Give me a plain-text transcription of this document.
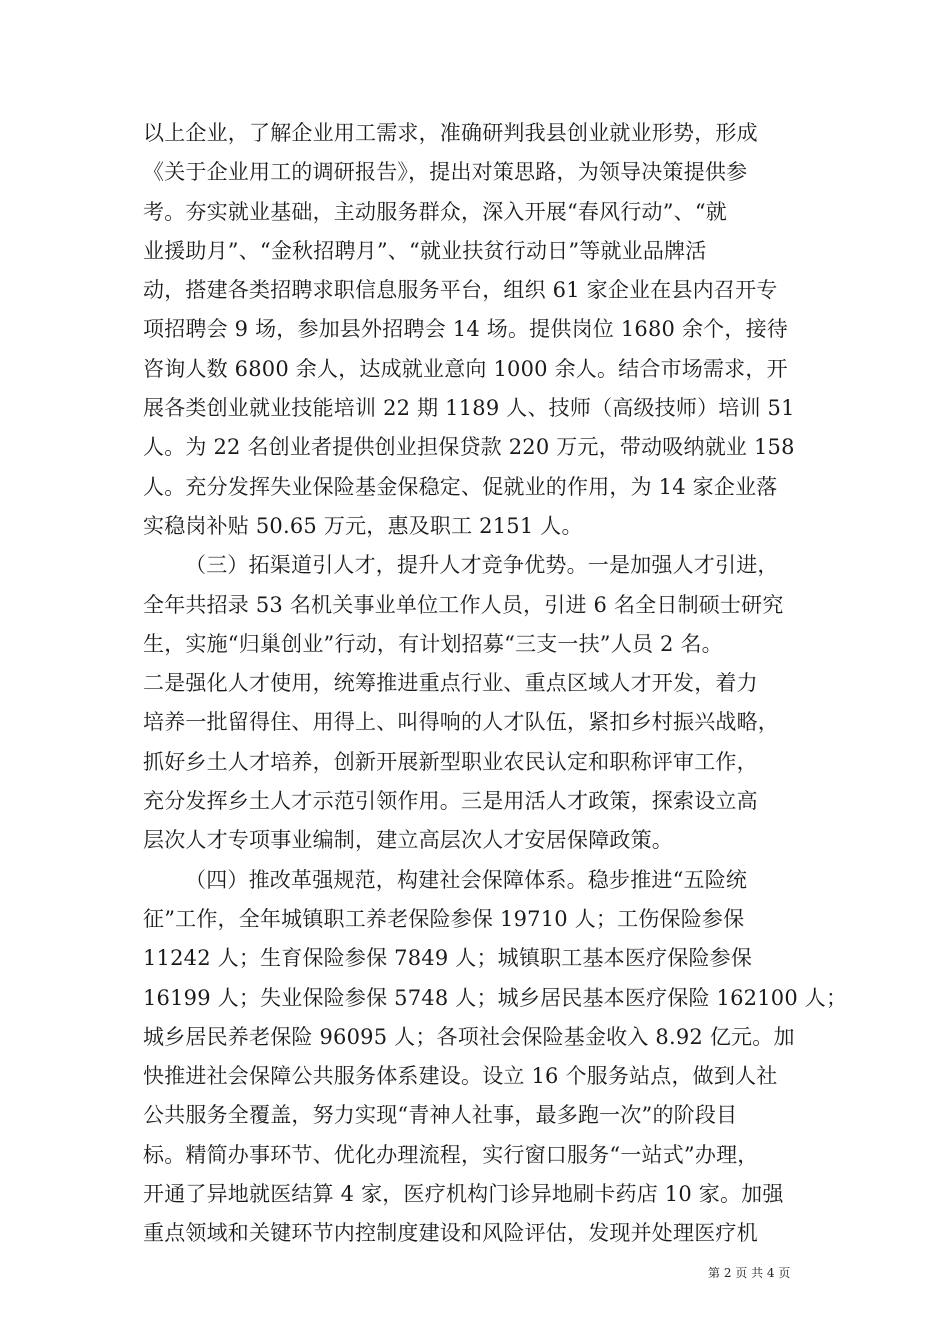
以上企业，了解企业用工需求，准确研判我县创业就业形势，形成
《关于企业用工的调研报告》，提出对策思路，为领导决策提供参
考。夯实就业基础，主动服务群众，深入开展“春风行动”、“就
业援助月”、“金秋招聘月”、“就业扶贫行动日”等就业品牌活
动，搭建各类招聘求职信息服务平台，组织 61 家企业在县内召开专
项招聘会 9 场，参加县外招聘会 14 场。提供岗位 1680 余个，接待
咨询人数 6800 余人，达成就业意向 1000 余人。结合市场需求，开
展各类创业就业技能培训 22 期 1189 人、技师（高级技师）培训 51
人。为 22 名创业者提供创业担保贷款 220 万元，带动吸纳就业 158
人。充分发挥失业保险基金保稳定、促就业的作用，为 14 家企业落
实稳岗补贴 50.65 万元，惠及职工 2151 人。
（三）拓渠道引人才，提升人才竞争优势。一是加强人才引进，
全年共招录 53 名机关事业单位工作人员，引进 6 名全日制硕士研究
生，实施“归巢创业”行动，有计划招募“三支一扶”人员 2 名。
二是强化人才使用，统筹推进重点行业、重点区域人才开发，着力
培养一批留得住、用得上、叫得响的人才队伍，紧扣乡村振兴战略，
抓好乡土人才培养，创新开展新型职业农民认定和职称评审工作，
充分发挥乡土人才示范引领作用。三是用活人才政策，探索设立高
层次人才专项事业编制，建立高层次人才安居保障政策。
（四）推改革强规范，构建社会保障体系。稳步推进“五险统
征”工作，全年城镇职工养老保险参保 19710 人；工伤保险参保
11242 人；生育保险参保 7849 人；城镇职工基本医疗保险参保
16199 人；失业保险参保 5748 人；城乡居民基本医疗保险 162100 人；
城乡居民养老保险 96095 人；各项社会保险基金收入 8.92 亿元。加
快推进社会保障公共服务体系建设。设立 16 个服务站点，做到人社
公共服务全覆盖，努力实现“青神人社事，最多跑一次”的阶段目
标。精简办事环节、优化办理流程，实行窗口服务“一站式”办理，
开通了异地就医结算 4 家，医疗机构门诊异地刷卡药店 10 家。加强
重点领域和关键环节内控制度建设和风险评估，发现并处理医疗机
第 2 页 共 4 页
